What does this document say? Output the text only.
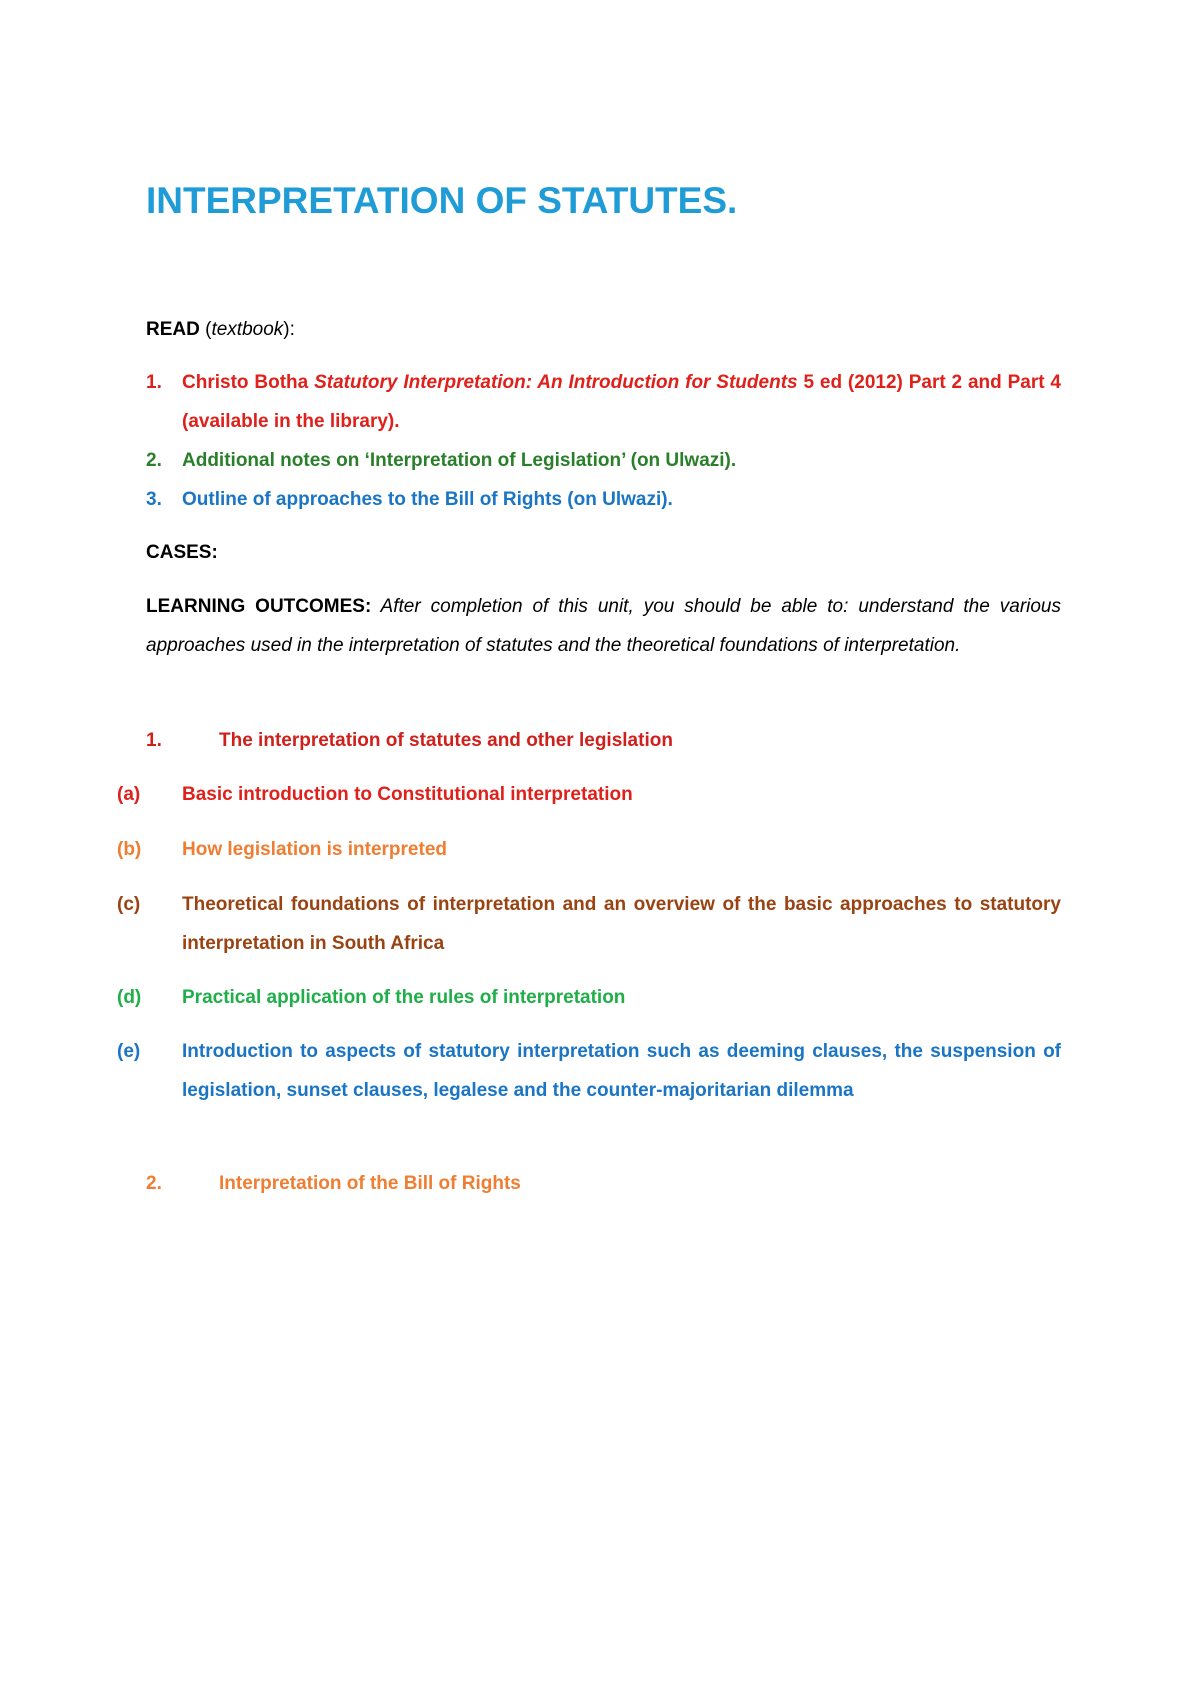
INTERPRETATION OF STATUTES.
READ (textbook):
1. Christo Botha Statutory Interpretation: An Introduction for Students 5 ed (2012) Part 2 and Part 4 (available in the library).
2. Additional notes on ‘Interpretation of Legislation’ (on Ulwazi).
3. Outline of approaches to the Bill of Rights (on Ulwazi).
CASES:
LEARNING OUTCOMES: After completion of this unit, you should be able to: understand the various approaches used in the interpretation of statutes and the theoretical foundations of interpretation.
1.	The interpretation of statutes and other legislation
(a) Basic introduction to Constitutional interpretation
(b) How legislation is interpreted
(c) Theoretical foundations of interpretation and an overview of the basic approaches to statutory interpretation in South Africa
(d) Practical application of the rules of interpretation
(e) Introduction to aspects of statutory interpretation such as deeming clauses, the suspension of legislation, sunset clauses, legalese and the counter-majoritarian dilemma
2.	Interpretation of the Bill of Rights
